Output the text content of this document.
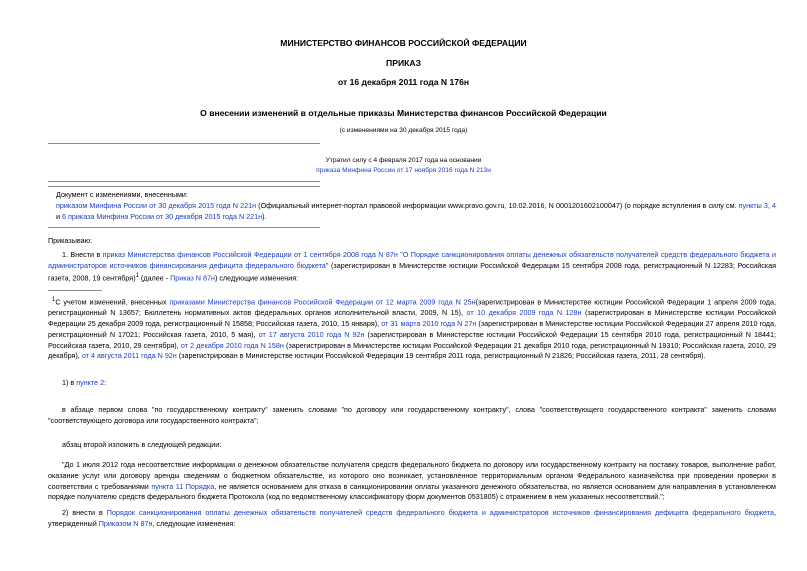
МИНИСТЕРСТВО ФИНАНСОВ РОССИЙСКОЙ ФЕДЕРАЦИИ
ПРИКАЗ
от 16 декабря 2011 года N 176н
О внесении изменений в отдельные приказы Министерства финансов Российской Федерации
(с изменениями на 30 декабря 2015 года)
Утратил силу с 4 февраля 2017 года на основании
приказа Минфина России от 17 ноября 2016 года N 213н

Документ с изменениями, внесенными:

приказом Минфина России от 30 декабря 2015 года N 221н (Официальный интернет-портал правовой информации www.pravo.gov.ru, 10.02.2016, N 0001201602100047) (о порядке вступления в силу см. пункты 3, 4 и 6 приказа Минфина России от 30 декабря 2015 года N 221н).

Приказываю:

1. Внести в приказ Министерства финансов Российской Федерации от 1 сентября 2008 года N 87н "О Порядке санкционирования оплаты денежных обязательств получателей средств федерального бюджета и администраторов источников финансирования дефицита федерального бюджета" (зарегистрирован в Министерстве юстиции Российской Федерации 15 сентября 2008 года, регистрационный N 12283; Российская газета, 2008, 19 сентября)$^1$ (далее - Приказ N 87н) следующие изменения:

$^1$С учетом изменений, внесенных приказами Министерства финансов Российской Федерации от 12 марта 2009 года N 25н(зарегистрирован в Министерстве юстиции Российской Федерации 1 апреля 2009 года, регистрационный N 13657; Бюллетень нормативных актов федеральных органов исполнительной власти, 2009, N 15), от 10 декабря 2009 года N 128н (зарегистрирован в Министерстве юстиции Российской Федерации 25 декабря 2009 года, регистрационный N 15858; Российская газета, 2010, 15 января), от 31 марта 2010 года N 27н (зарегистрирован в Министерстве юстиции Российской Федерации 27 апреля 2010 года, регистрационный N 17021; Российская газета, 2010, 5 мая), от 17 августа 2010 года N 92н (зарегистрирован в Министерстве юстиции Российской Федерации 15 сентября 2010 года, регистрационный N 18441; Российская газета, 2010, 29 сентября), от 2 декабря 2010 года N 158н (зарегистрирован в Министерстве юстиции Российской Федерации 21 декабря 2010 года, регистрационный N 19310; Российская газета, 2010, 29 декабря), от 4 августа 2011 года N 92н (зарегистрирован в Министерстве юстиции Российской Федерации 19 сентября 2011 года, регистрационный N 21826; Российская газета, 2011, 28 сентября).

1) в пункте 2:

в абзаце первом слова "по государственному контракту" заменить словами "по договору или государственному контракту", слова "соответствующего государственного контракта" заменить словами "соответствующего договора или государственного контракта";

абзац второй изложить в следующей редакции:

"До 1 июля 2012 года несоответствие информации о денежном обязательстве получателя средств федерального бюджета по договору или государственному контракту на поставку товаров, выполнение работ, оказание услуг или договору аренды сведениям о бюджетном обязательстве, из которого оно возникает, установленное территориальным органом Федерального казначейства при проведении проверки в соответствии с требованиями пункта 11 Порядка, не является основанием для отказа в санкционировании оплаты указанного денежного обязательства, но является основанием для направления в установленном порядке получателю средств федерального бюджета Протокола (код по ведомственному классификатору форм документов 0531805) с отражением в нем указанных несоответствий.";

2) внести в Порядок санкционирования оплаты денежных обязательств получателей средств федерального бюджета и администраторов источников финансирования дефицита федерального бюджета, утвержденный Приказом N 87н, следующие изменения:
